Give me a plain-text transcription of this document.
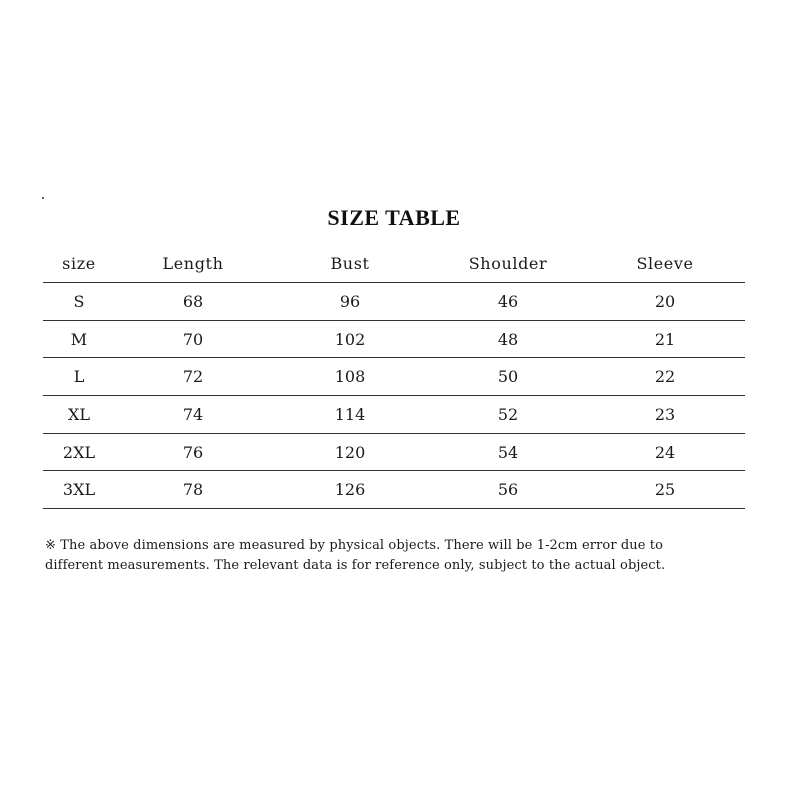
SIZE TABLE
size	Length	Bust	Shoulder	Sleeve
S	68	96	46	20
M	70	102	48	21
L	72	108	50	22
XL	74	114	52	23
2XL	76	120	54	24
3XL	78	126	56	25
※ The above dimensions are measured by physical objects. There will be 1-2cm error due to
different measurements. The relevant data is for reference only, subject to the actual object.
